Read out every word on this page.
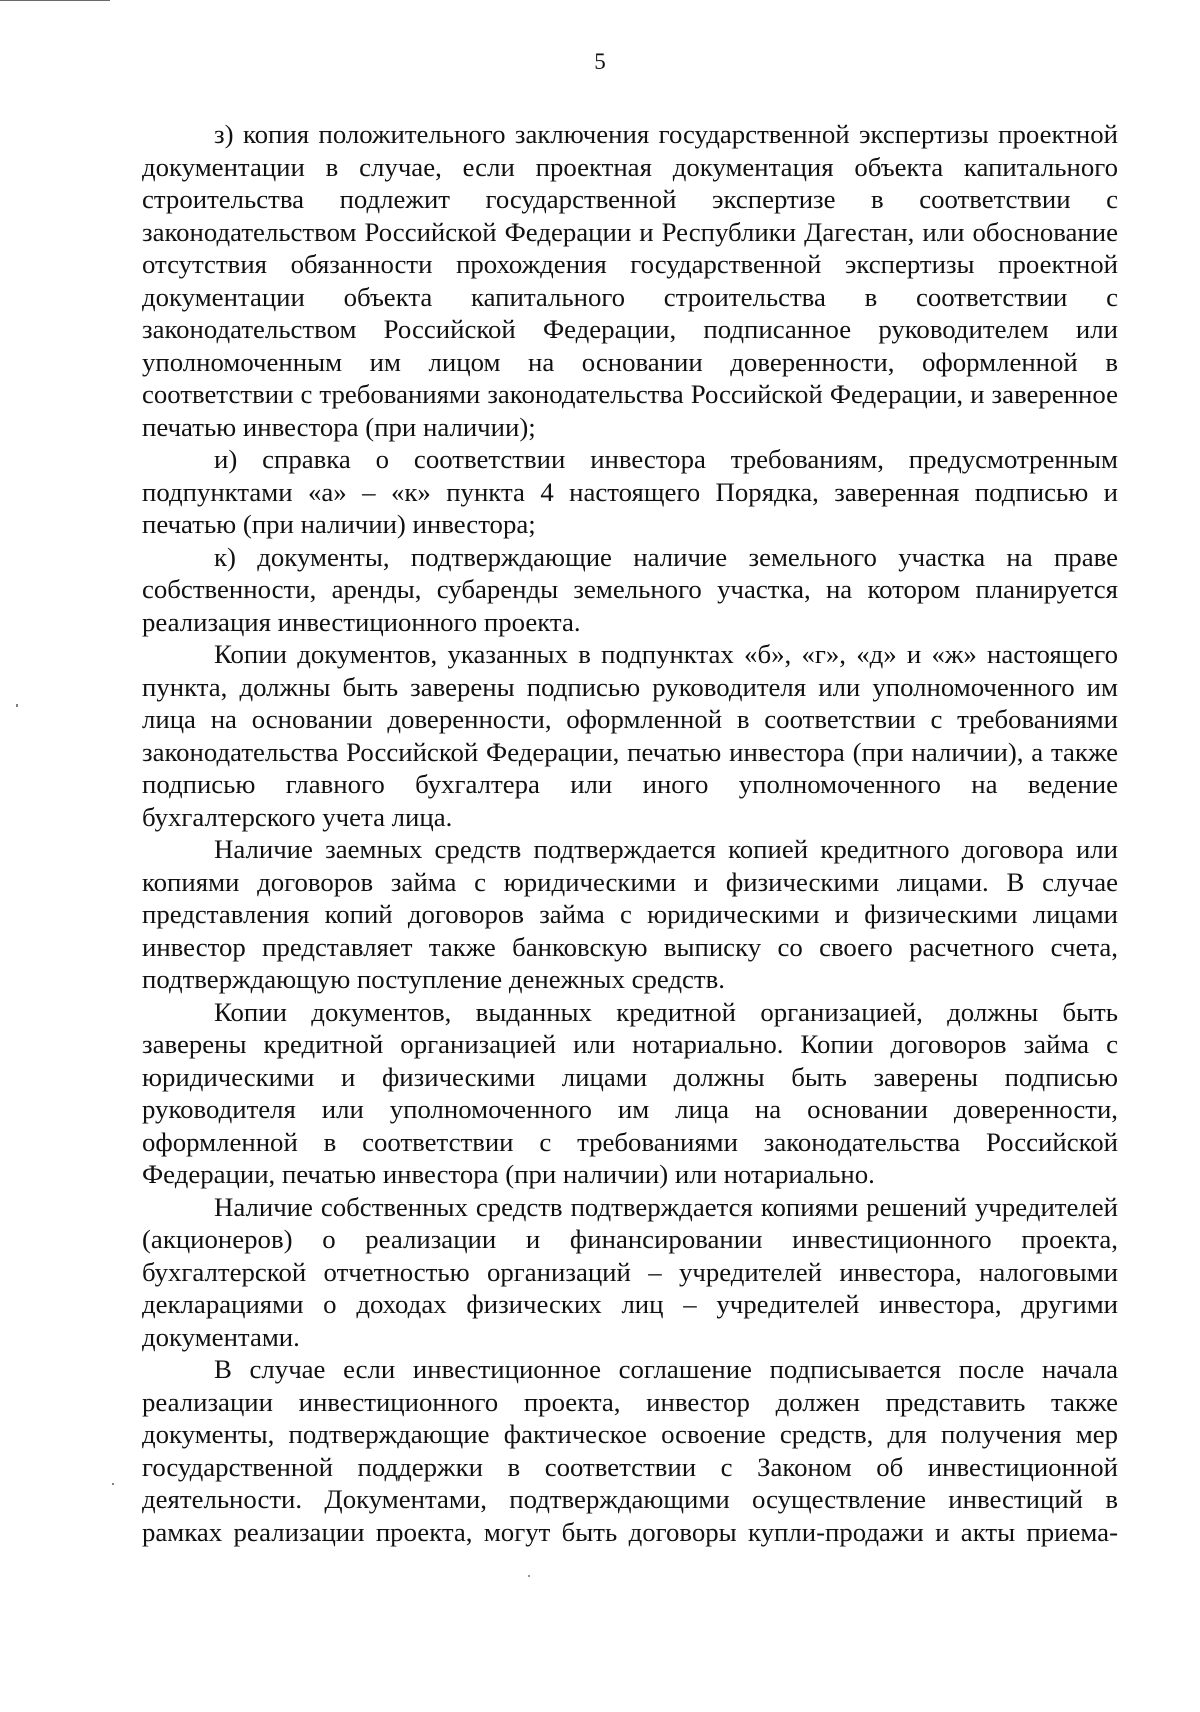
5

з) копия положительного заключения государственной экспертизы проектной документации в случае, если проектная документация объекта капитального строительства подлежит государственной экспертизе в соответствии с законодательством Российской Федерации и Республики Дагестан, или обоснование отсутствия обязанности прохождения государственной экспертизы проектной документации объекта капитального строительства в соответствии с законодательством Российской Федерации, подписанное руководителем или уполномоченным им лицом на основании доверенности, оформленной в соответствии с требованиями законодательства Российской Федерации, и заверенное печатью инвестора (при наличии);

и) справка о соответствии инвестора требованиям, предусмотренным подпунктами «а» – «к» пункта 4 настоящего Порядка, заверенная подписью и печатью (при наличии) инвестора;

к) документы, подтверждающие наличие земельного участка на праве собственности, аренды, субаренды земельного участка, на котором планируется реализация инвестиционного проекта.

Копии документов, указанных в подпунктах «б», «г», «д» и «ж» настоящего пункта, должны быть заверены подписью руководителя или уполномоченного им лица на основании доверенности, оформленной в соответствии с требованиями законодательства Российской Федерации, печатью инвестора (при наличии), а также подписью главного бухгалтера или иного уполномоченного на ведение бухгалтерского учета лица.

Наличие заемных средств подтверждается копией кредитного договора или копиями договоров займа с юридическими и физическими лицами. В случае представления копий договоров займа с юридическими и физическими лицами инвестор представляет также банковскую выписку со своего расчетного счета, подтверждающую поступление денежных средств.

Копии документов, выданных кредитной организацией, должны быть заверены кредитной организацией или нотариально. Копии договоров займа с юридическими и физическими лицами должны быть заверены подписью руководителя или уполномоченного им лица на основании доверенности, оформленной в соответствии с требованиями законодательства Российской Федерации, печатью инвестора (при наличии) или нотариально.

Наличие собственных средств подтверждается копиями решений учредителей (акционеров) о реализации и финансировании инвестиционного проекта, бухгалтерской отчетностью организаций – учредителей инвестора, налоговыми декларациями о доходах физических лиц – учредителей инвестора, другими документами.

В случае если инвестиционное соглашение подписывается после начала реализации инвестиционного проекта, инвестор должен представить также документы, подтверждающие фактическое освоение средств, для получения мер государственной поддержки в соответствии с Законом об инвестиционной деятельности. Документами, подтверждающими осуществление инвестиций в рамках реализации проекта, могут быть договоры купли-продажи и акты приема-
